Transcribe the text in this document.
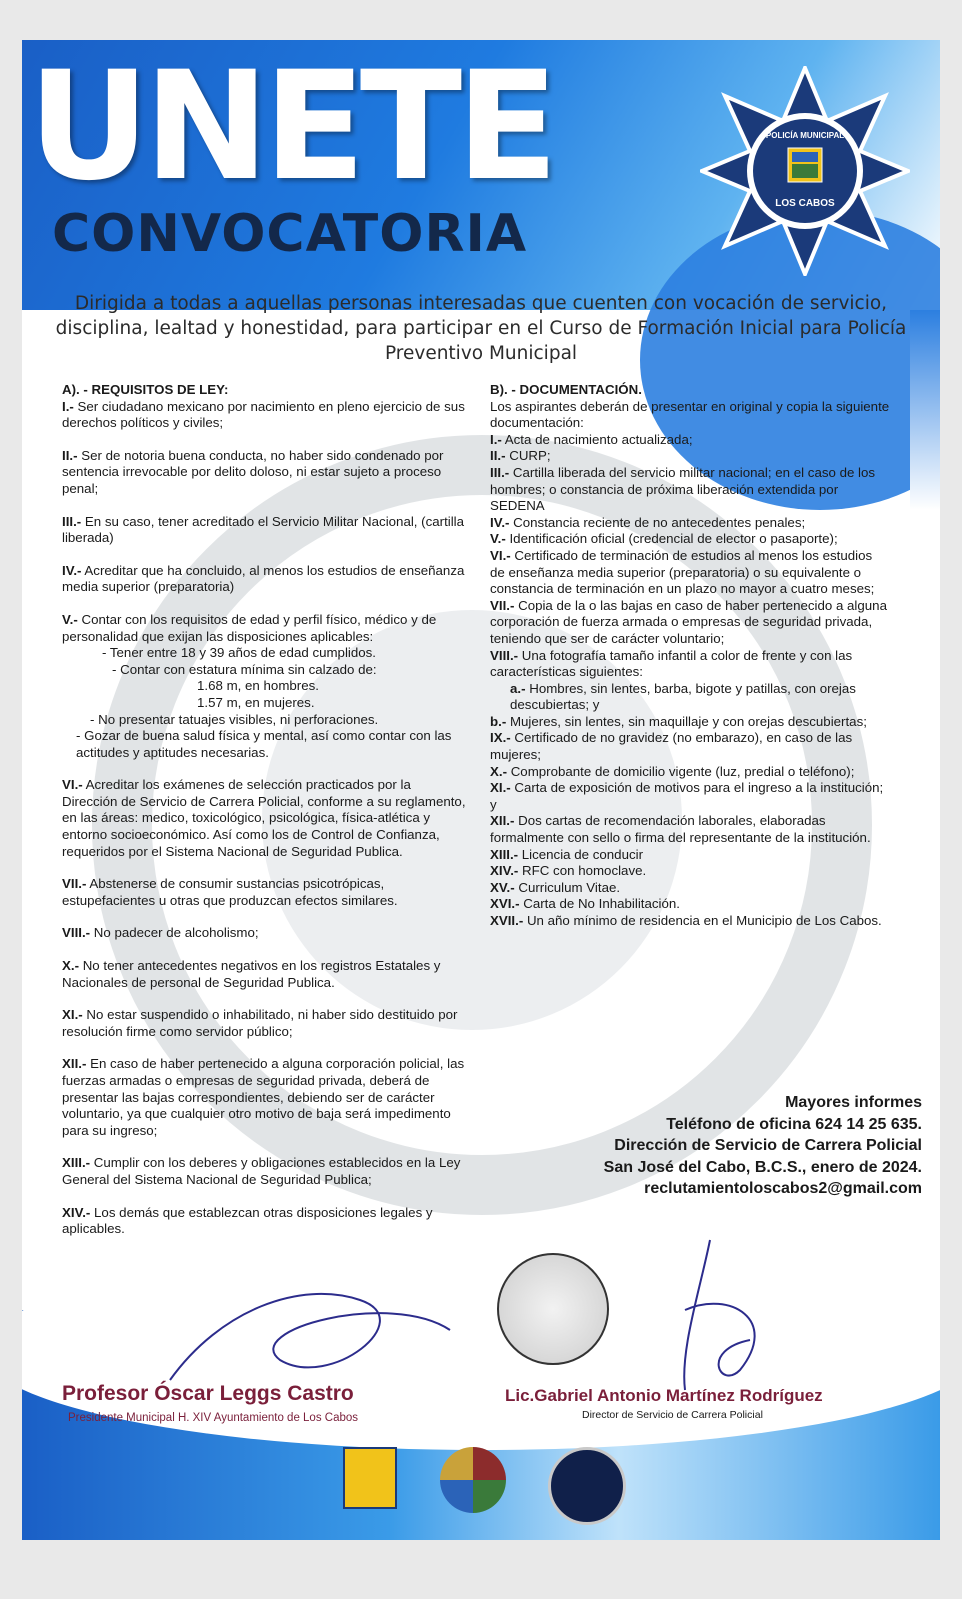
UNETE
CONVOCATORIA
POLICÍA MUNICIPAL
LOS CABOS
Dirigida a todas a aquellas personas interesadas que cuenten con vocación de servicio, disciplina, lealtad y honestidad, para participar en el Curso de Formación Inicial para Policía Preventivo Municipal
A). - REQUISITOS DE LEY:
I.- Ser ciudadano mexicano por nacimiento en pleno ejercicio de sus derechos políticos y civiles;
II.- Ser de notoria buena conducta, no haber sido condenado por sentencia irrevocable por delito doloso, ni estar sujeto a proceso penal;
III.- En su caso, tener acreditado el Servicio Militar Nacional, (cartilla liberada)
IV.- Acreditar que ha concluido, al menos los estudios de enseñanza media superior (preparatoria)
V.- Contar con los requisitos de edad y perfil físico, médico y de personalidad que exijan las disposiciones aplicables:
- Tener entre 18 y 39 años de edad cumplidos.
- Contar con estatura mínima sin calzado de:
1.68 m, en hombres.
1.57 m, en mujeres.
- No presentar tatuajes visibles, ni perforaciones.
- Gozar de buena salud física y mental, así como contar con las actitudes y aptitudes necesarias.
VI.- Acreditar los exámenes de selección practicados por la Dirección de Servicio de Carrera Policial, conforme a su reglamento, en las áreas: medico, toxicológico, psicológica, física-atlética y entorno socioeconómico. Así como los de Control de Confianza, requeridos por el Sistema Nacional de Seguridad Publica.
VII.- Abstenerse de consumir sustancias psicotrópicas, estupefacientes u otras que produzcan efectos similares.
VIII.- No padecer de alcoholismo;
X.- No tener antecedentes negativos en los registros Estatales y Nacionales de personal de Seguridad Publica.
XI.- No estar suspendido o inhabilitado, ni haber sido destituido por resolución firme como servidor público;
XII.- En caso de haber pertenecido a alguna corporación policial, las fuerzas armadas o empresas de seguridad privada, deberá de presentar las bajas correspondientes, debiendo ser de carácter voluntario, ya que cualquier otro motivo de baja será impedimento para su ingreso;
XIII.- Cumplir con los deberes y obligaciones establecidos en la Ley General del Sistema Nacional de Seguridad Publica;
XIV.- Los demás que establezcan otras disposiciones legales y aplicables.
B). - DOCUMENTACIÓN.
Los aspirantes deberán de presentar en original y copia la siguiente documentación:
I.- Acta de nacimiento actualizada;
II.- CURP;
III.- Cartilla liberada del servicio militar nacional; en el caso de los hombres; o constancia de próxima liberación extendida por SEDENA
IV.- Constancia reciente de no antecedentes penales;
V.- Identificación oficial (credencial de elector o pasaporte);
VI.- Certificado de terminación de estudios al menos los estudios de enseñanza media superior (preparatoria) o su equivalente o constancia de terminación en un plazo no mayor a cuatro meses;
VII.- Copia de la o las bajas en caso de haber pertenecido a alguna corporación de fuerza armada o empresas de seguridad privada, teniendo que ser de carácter voluntario;
VIII.- Una fotografía tamaño infantil a color de frente y con las características siguientes:
a.- Hombres, sin lentes, barba, bigote y patillas, con orejas descubiertas; y
b.- Mujeres, sin lentes, sin maquillaje y con orejas descubiertas;
IX.- Certificado de no gravidez (no embarazo), en caso de las mujeres;
X.- Comprobante de domicilio vigente (luz, predial o teléfono);
XI.- Carta de exposición de motivos para el ingreso a la institución; y
XII.- Dos cartas de recomendación laborales, elaboradas formalmente con sello o firma del representante de la institución.
XIII.- Licencia de conducir
XIV.- RFC con homoclave.
XV.- Curriculum Vitae.
XVI.- Carta de No Inhabilitación.
XVII.- Un año mínimo de residencia en el Municipio de Los Cabos.
Mayores informes
Teléfono de oficina 624 14 25 635.
Dirección de Servicio de Carrera Policial
San José del Cabo, B.C.S., enero de 2024.
reclutamientoloscabos2@gmail.com
Profesor Óscar Leggs Castro
Presidente Municipal H. XIV Ayuntamiento de Los Cabos
Lic.Gabriel Antonio Martínez Rodríguez
Director de Servicio de Carrera Policial
